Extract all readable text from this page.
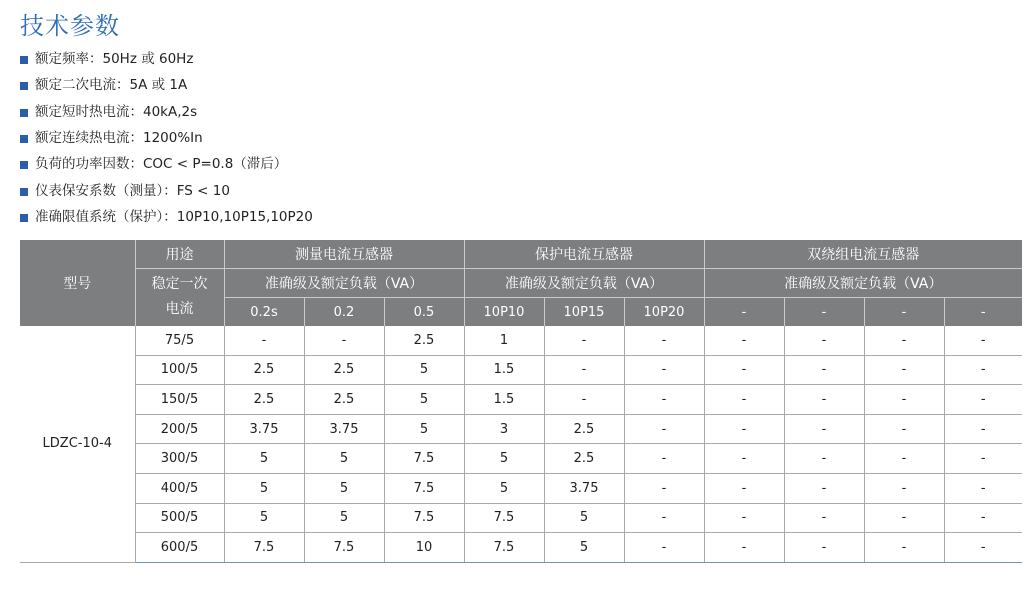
技术参数
额定频率：50Hz 或 60Hz
额定二次电流：5A 或 1A
额定短时热电流：40kA,2s
额定连续热电流：1200%In
负荷的功率因数：COC < P=0.8（滞后）
仪表保安系数（测量）：FS < 10
准确限值系统（保护）：10P10,10P15,10P20
型号	用途	测量电流互感器			保护电流互感器			双绕组电流互感器			
	稳定一次	准确级及额定负载（VA）			准确级及额定负载（VA）			准确级及额定负载（VA）			
	电流	0.2s	0.2	0.5	10P10	10P15	10P20	-	-	-	-
LDZC-10-4	75/5	-	-	2.5	1	-	-	-	-	-	-
	100/5	2.5	2.5	5	1.5	-	-	-	-	-	-
	150/5	2.5	2.5	5	1.5	-	-	-	-	-	-
	200/5	3.75	3.75	5	3	2.5	-	-	-	-	-
	300/5	5	5	7.5	5	2.5	-	-	-	-	-
	400/5	5	5	7.5	5	3.75	-	-	-	-	-
	500/5	5	5	7.5	7.5	5	-	-	-	-	-
	600/5	7.5	7.5	10	7.5	5	-	-	-	-	-
